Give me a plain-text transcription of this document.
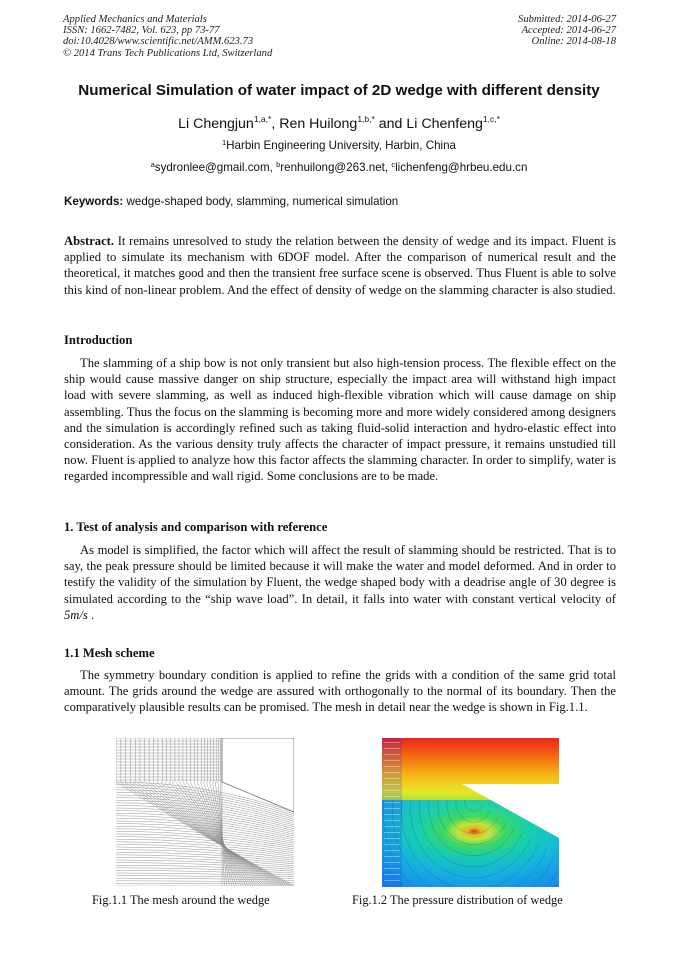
Applied Mechanics and Materials
ISSN: 1662-7482, Vol. 623, pp 73-77
doi:10.4028/www.scientific.net/AMM.623.73
© 2014 Trans Tech Publications Ltd, Switzerland
Submitted: 2014-06-27
Accepted: 2014-06-27
Online: 2014-08-18
Numerical Simulation of water impact of 2D wedge with different density
Li Chengjun$^{1,a,*}$, Ren Huilong$^{1,b,*}$ and Li Chenfeng$^{1,c,*}$
$^1$Harbin Engineering University, Harbin, China
$^a$sydronlee@gmail.com, $^b$renhuilong@263.net, $^c$lichenfeng@hrbeu.edu.cn
Keywords: wedge-shaped body, slamming, numerical simulation
Abstract. It remains unresolved to study the relation between the density of wedge and its impact. Fluent is applied to simulate its mechanism with 6DOF model. After the comparison of numerical result and the theoretical, it matches good and then the transient free surface scene is observed. Thus Fluent is able to solve this kind of non-linear problem. And the effect of density of wedge on the slamming character is also studied.
Introduction
The slamming of a ship bow is not only transient but also high-tension process. The flexible effect on the ship would cause massive danger on ship structure, especially the impact area will withstand high impact load with severe slamming, as well as induced high-flexible vibration which will cause damage on ship assembling. Thus the focus on the slamming is becoming more and more widely considered among designers and the simulation is accordingly refined such as taking fluid-solid interaction and hydro-elastic effect into consideration. As the various density truly affects the character of impact pressure, it remains unstudied till now. Fluent is applied to analyze how this factor affects the slamming character. In order to simplify, water is regarded incompressible and wall rigid. Some conclusions are to be made.
1. Test of analysis and comparison with reference
As model is simplified, the factor which will affect the result of slamming should be restricted. That is to say, the peak pressure should be limited because it will make the water and model deformed. And in order to testify the validity of the simulation by Fluent, the wedge shaped body with a deadrise angle of 30 degree is simulated according to the “ship wave load”. In detail, it falls into water with constant vertical velocity of 5m/s .
1.1 Mesh scheme
The symmetry boundary condition is applied to refine the grids with a condition of the same grid total amount. The grids around the wedge are assured with orthogonally to the normal of its boundary. Then the comparatively plausible results can be promised. The mesh in detail near the wedge is shown in Fig.1.1.
Fig.1.1 The mesh around the wedge	Fig.1.2 The pressure distribution of wedge
